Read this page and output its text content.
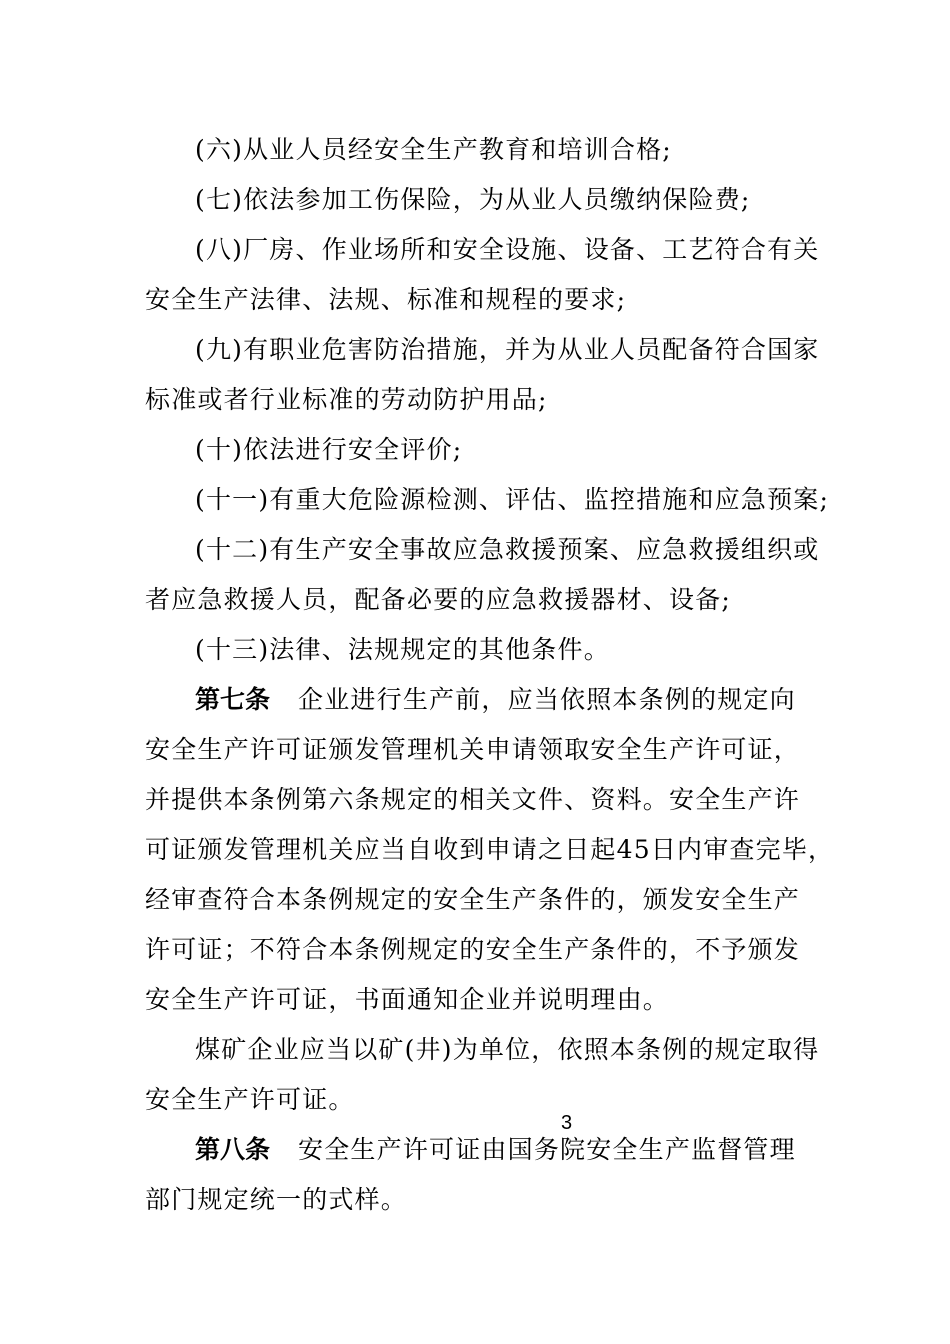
(六)从业人员经安全生产教育和培训合格;
(七)依法参加工伤保险，为从业人员缴纳保险费;
(八)厂房、作业场所和安全设施、设备、工艺符合有关
安全生产法律、法规、标准和规程的要求;
(九)有职业危害防治措施，并为从业人员配备符合国家
标准或者行业标准的劳动防护用品;
(十)依法进行安全评价;
(十一)有重大危险源检测、评估、监控措施和应急预案;
(十二)有生产安全事故应急救援预案、应急救援组织或
者应急救援人员，配备必要的应急救援器材、设备;
(十三)法律、法规规定的其他条件。
第七条 企业进行生产前，应当依照本条例的规定向
安全生产许可证颁发管理机关申请领取安全生产许可证，
并提供本条例第六条规定的相关文件、资料。安全生产许
可证颁发管理机关应当自收到申请之日起45日内审查完毕，
经审查符合本条例规定的安全生产条件的，颁发安全生产
许可证；不符合本条例规定的安全生产条件的，不予颁发
安全生产许可证，书面通知企业并说明理由。
煤矿企业应当以矿(井)为单位，依照本条例的规定取得
安全生产许可证。
3
第八条 安全生产许可证由国务院安全生产监督管理
部门规定统一的式样。
